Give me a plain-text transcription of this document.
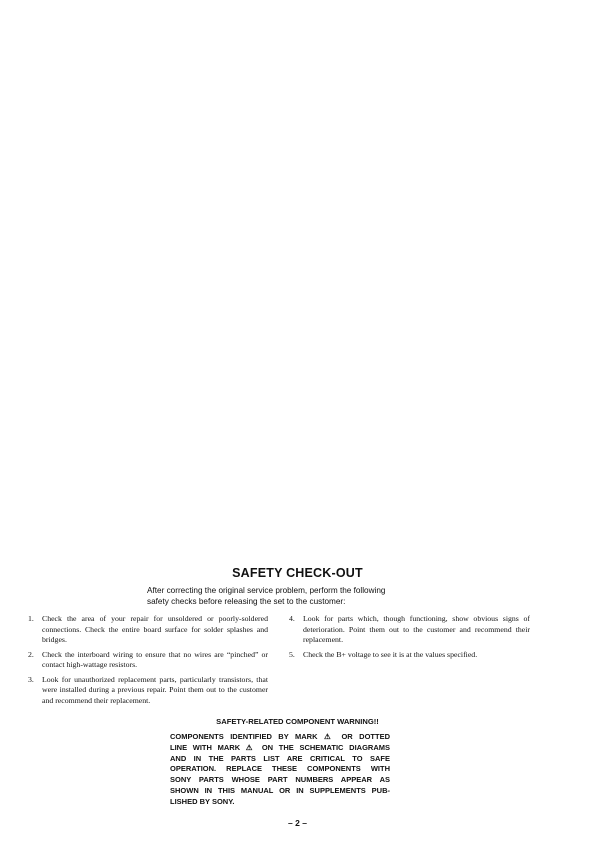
SAFETY CHECK-OUT
After correcting the original service problem, perform the following
safety checks before releasing the set to the customer:
1. Check the area of your repair for unsoldered or poorly-soldered connections. Check the entire board surface for solder splashes and bridges.
2. Check the interboard wiring to ensure that no wires are “pinched” or contact high-wattage resistors.
3. Look for unauthorized replacement parts, particularly transistors, that were installed during a previous repair. Point them out to the customer and recommend their replacement.
4. Look for parts which, though functioning, show obvious signs of deterioration. Point them out to the customer and recommend their replacement.
5. Check the B+ voltage to see it is at the values specified.
SAFETY-RELATED COMPONENT WARNING!!
COMPONENTS IDENTIFIED BY MARK ⚠ OR DOTTED
LINE WITH MARK ⚠ ON THE SCHEMATIC DIAGRAMS
AND IN THE PARTS LIST ARE CRITICAL TO SAFE
OPERATION. REPLACE THESE COMPONENTS WITH
SONY PARTS WHOSE PART NUMBERS APPEAR AS
SHOWN IN THIS MANUAL OR IN SUPPLEMENTS PUB-
LISHED BY SONY.
– 2 –
